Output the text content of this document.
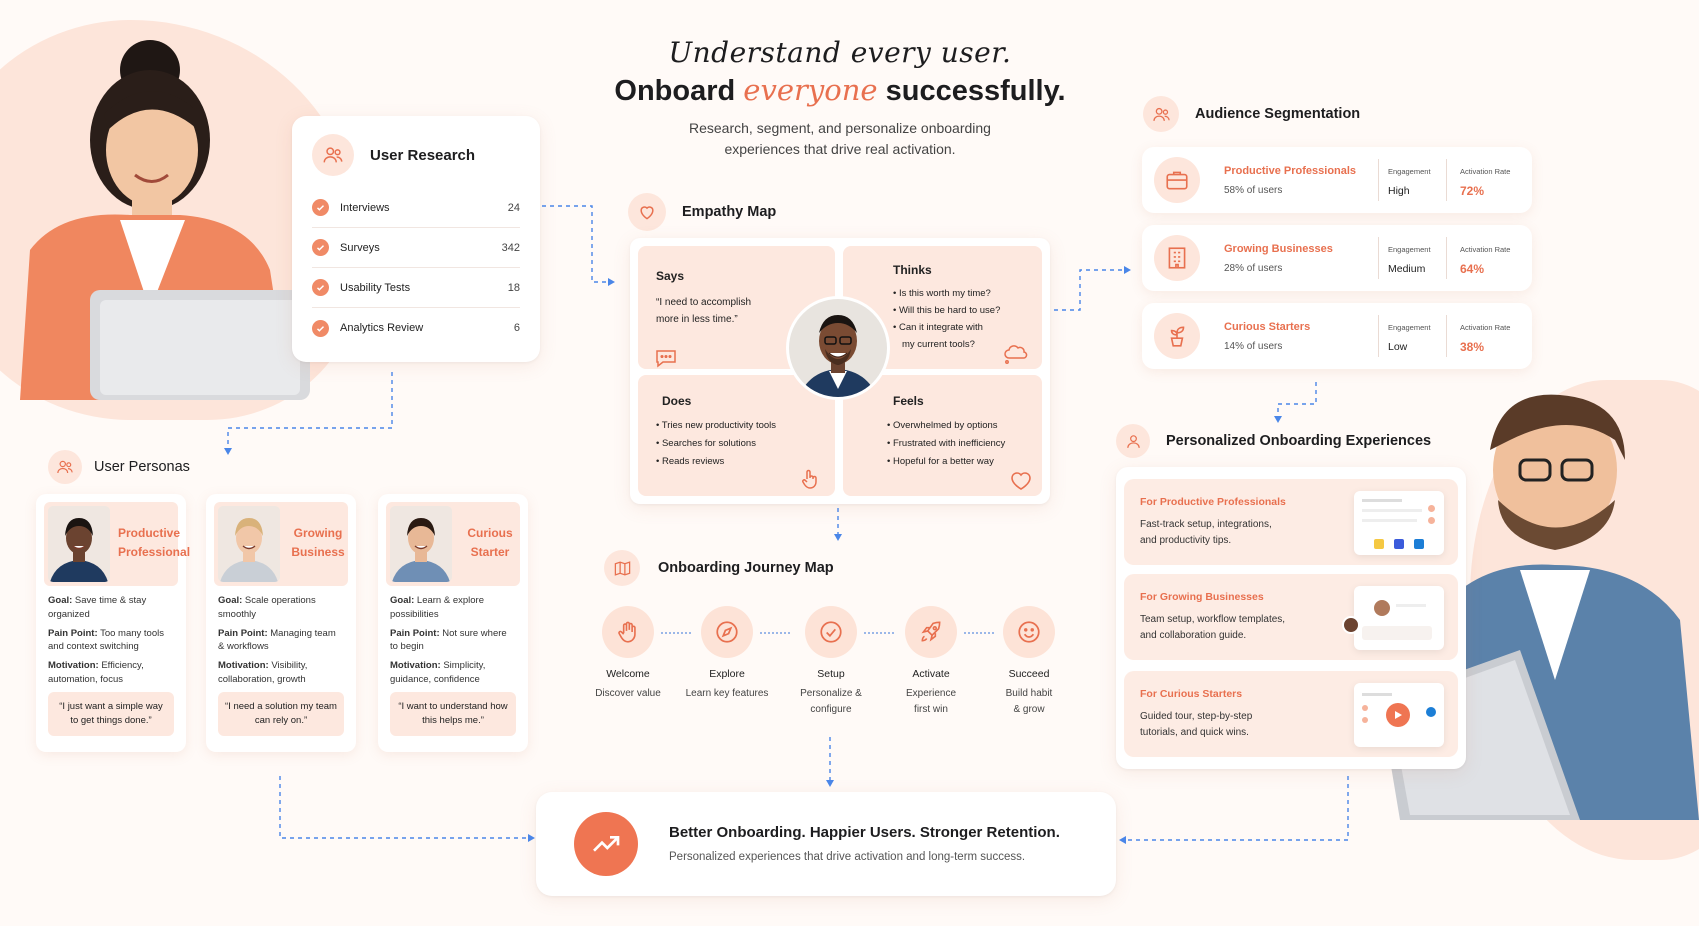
Understand every user.
Onboard everyone successfully.
Research, segment, and personalize onboarding
experiences that drive real activation.
User Research
Interviews	24
Surveys	342
Usability Tests	18
Analytics Review	6
User Personas
Productive
Professional

Goal: Save time & stay organized

Pain Point: Too many tools and context switching

Motivation: Efficiency, automation, focus

“I just want a simple way to get things done.”
Growing
Business

Goal: Scale operations smoothly

Pain Point: Managing team & workflows

Motivation: Visibility, collaboration, growth

“I need a solution my team can rely on.”
Curious
Starter

Goal: Learn & explore possibilities

Pain Point: Not sure where to begin

Motivation: Simplicity, guidance, confidence

“I want to understand how this helps me.”
Empathy Map
Says
“I need to accomplish
more in less time.”
Thinks
• Is this worth my time?
• Will this be hard to use?
• Can it integrate with
my current tools?
Does
• Tries new productivity tools
• Searches for solutions
• Reads reviews
Feels
• Overwhelmed by options
• Frustrated with inefficiency
• Hopeful for a better way
Audience Segmentation
Productive Professionals
58% of users
Engagement
High
Activation Rate
72%
Growing Businesses
28% of users
Engagement
Medium
Activation Rate
64%
Curious Starters
14% of users
Engagement
Low
Activation Rate
38%
Personalized Onboarding Experiences
For Productive Professionals
Fast-track setup, integrations,
and productivity tips.
For Growing Businesses
Team setup, workflow templates,
and collaboration guide.
For Curious Starters
Guided tour, step-by-step
tutorials, and quick wins.
Onboarding Journey Map
Welcome
Discover value
Explore
Learn key features
Setup
Personalize &
configure
Activate
Experience
first win
Succeed
Build habit
& grow
Better Onboarding. Happier Users. Stronger Retention.
Personalized experiences that drive activation and long-term success.
